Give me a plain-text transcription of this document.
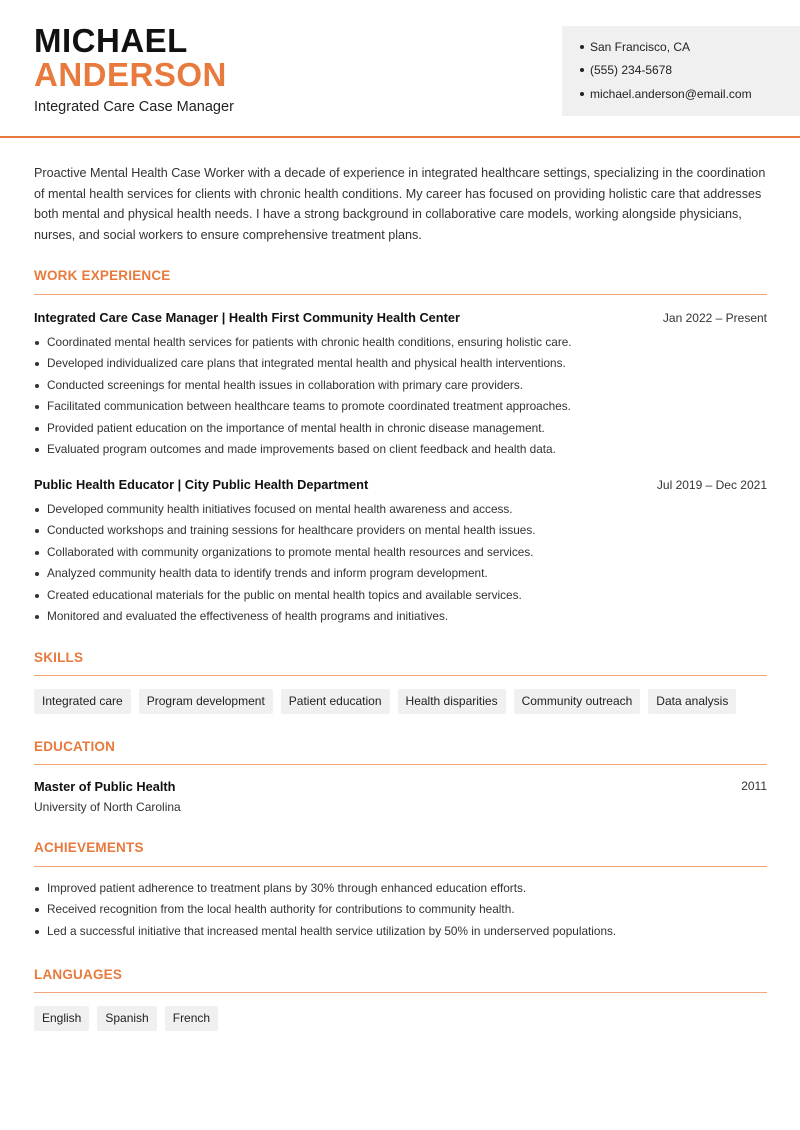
MICHAEL
ANDERSON
Integrated Care Case Manager
San Francisco, CA
(555) 234-5678
michael.anderson@email.com
Proactive Mental Health Case Worker with a decade of experience in integrated healthcare settings, specializing in the coordination of mental health services for clients with chronic health conditions. My career has focused on providing holistic care that addresses both mental and physical health needs. I have a strong background in collaborative care models, working alongside physicians, nurses, and social workers to ensure comprehensive treatment plans.
WORK EXPERIENCE
Integrated Care Case Manager | Health First Community Health Center	Jan 2022 – Present
Coordinated mental health services for patients with chronic health conditions, ensuring holistic care.
Developed individualized care plans that integrated mental health and physical health interventions.
Conducted screenings for mental health issues in collaboration with primary care providers.
Facilitated communication between healthcare teams to promote coordinated treatment approaches.
Provided patient education on the importance of mental health in chronic disease management.
Evaluated program outcomes and made improvements based on client feedback and health data.
Public Health Educator | City Public Health Department	Jul 2019 – Dec 2021
Developed community health initiatives focused on mental health awareness and access.
Conducted workshops and training sessions for healthcare providers on mental health issues.
Collaborated with community organizations to promote mental health resources and services.
Analyzed community health data to identify trends and inform program development.
Created educational materials for the public on mental health topics and available services.
Monitored and evaluated the effectiveness of health programs and initiatives.
SKILLS
Integrated care	Program development	Patient education	Health disparities	Community outreach	Data analysis
EDUCATION
Master of Public Health	2011
University of North Carolina
ACHIEVEMENTS
Improved patient adherence to treatment plans by 30% through enhanced education efforts.
Received recognition from the local health authority for contributions to community health.
Led a successful initiative that increased mental health service utilization by 50% in underserved populations.
LANGUAGES
English	Spanish	French
